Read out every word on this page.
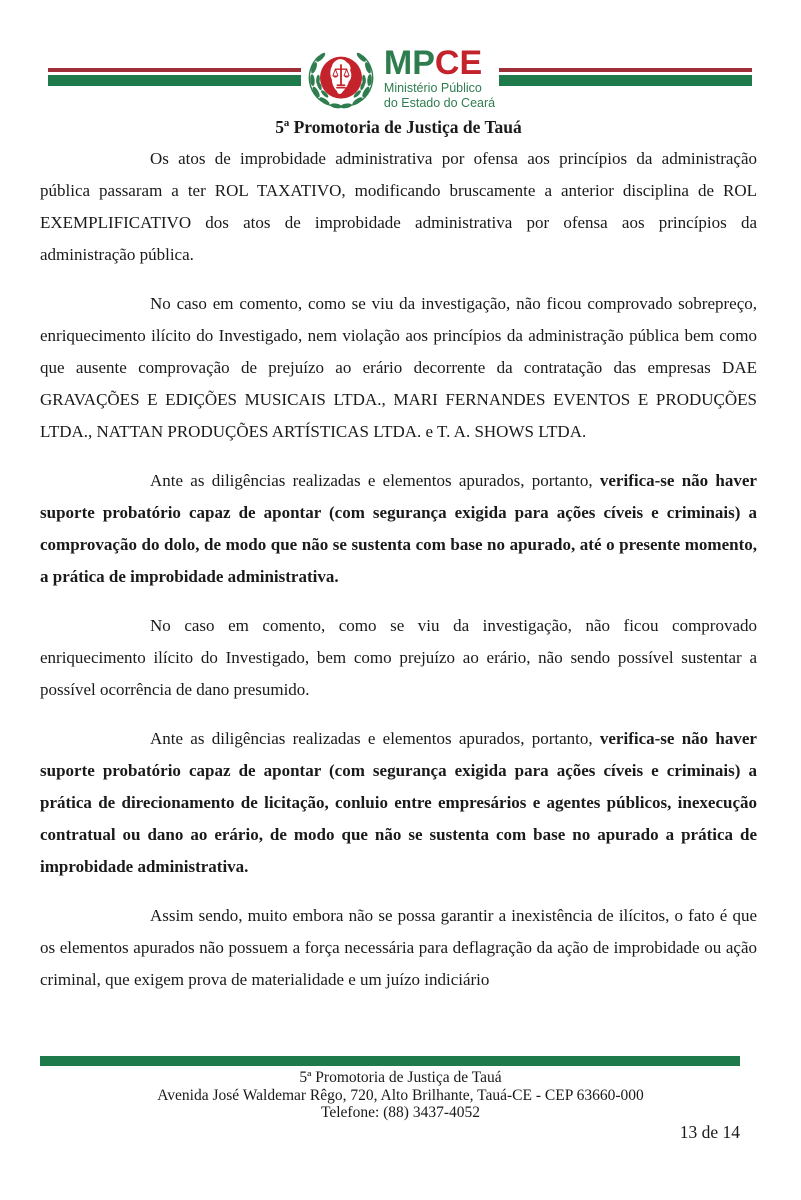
MPCE
Ministério Público
do Estado do Ceará
5ª Promotoria de Justiça de Tauá

Os atos de improbidade administrativa por ofensa aos princípios da administração pública passaram a ter ROL TAXATIVO, modificando bruscamente a anterior disciplina de ROL EXEMPLIFICATIVO dos atos de improbidade administrativa por ofensa aos princípios da administração pública.

No caso em comento, como se viu da investigação, não ficou comprovado sobrepreço, enriquecimento ilícito do Investigado, nem violação aos princípios da administração pública bem como que ausente comprovação de prejuízo ao erário decorrente da contratação das empresas DAE GRAVAÇÕES E EDIÇÕES MUSICAIS LTDA., MARI FERNANDES EVENTOS E PRODUÇÕES LTDA., NATTAN PRODUÇÕES ARTÍSTICAS LTDA. e T. A. SHOWS LTDA.

Ante as diligências realizadas e elementos apurados, portanto, verifica-se não haver suporte probatório capaz de apontar (com segurança exigida para ações cíveis e criminais) a comprovação do dolo, de modo que não se sustenta com base no apurado, até o presente momento, a prática de improbidade administrativa.

No caso em comento, como se viu da investigação, não ficou comprovado enriquecimento ilícito do Investigado, bem como prejuízo ao erário, não sendo possível sustentar a possível ocorrência de dano presumido.

Ante as diligências realizadas e elementos apurados, portanto, verifica-se não haver suporte probatório capaz de apontar (com segurança exigida para ações cíveis e criminais) a prática de direcionamento de licitação, conluio entre empresários e agentes públicos, inexecução contratual ou dano ao erário, de modo que não se sustenta com base no apurado a prática de improbidade administrativa.

Assim sendo, muito embora não se possa garantir a inexistência de ilícitos, o fato é que os elementos apurados não possuem a força necessária para deflagração da ação de improbidade ou ação criminal, que exigem prova de materialidade e um juízo indiciário

5ª Promotoria de Justiça de Tauá
Avenida José Waldemar Rêgo, 720, Alto Brilhante, Tauá-CE - CEP 63660-000
Telefone: (88) 3437-4052
13 de 14
